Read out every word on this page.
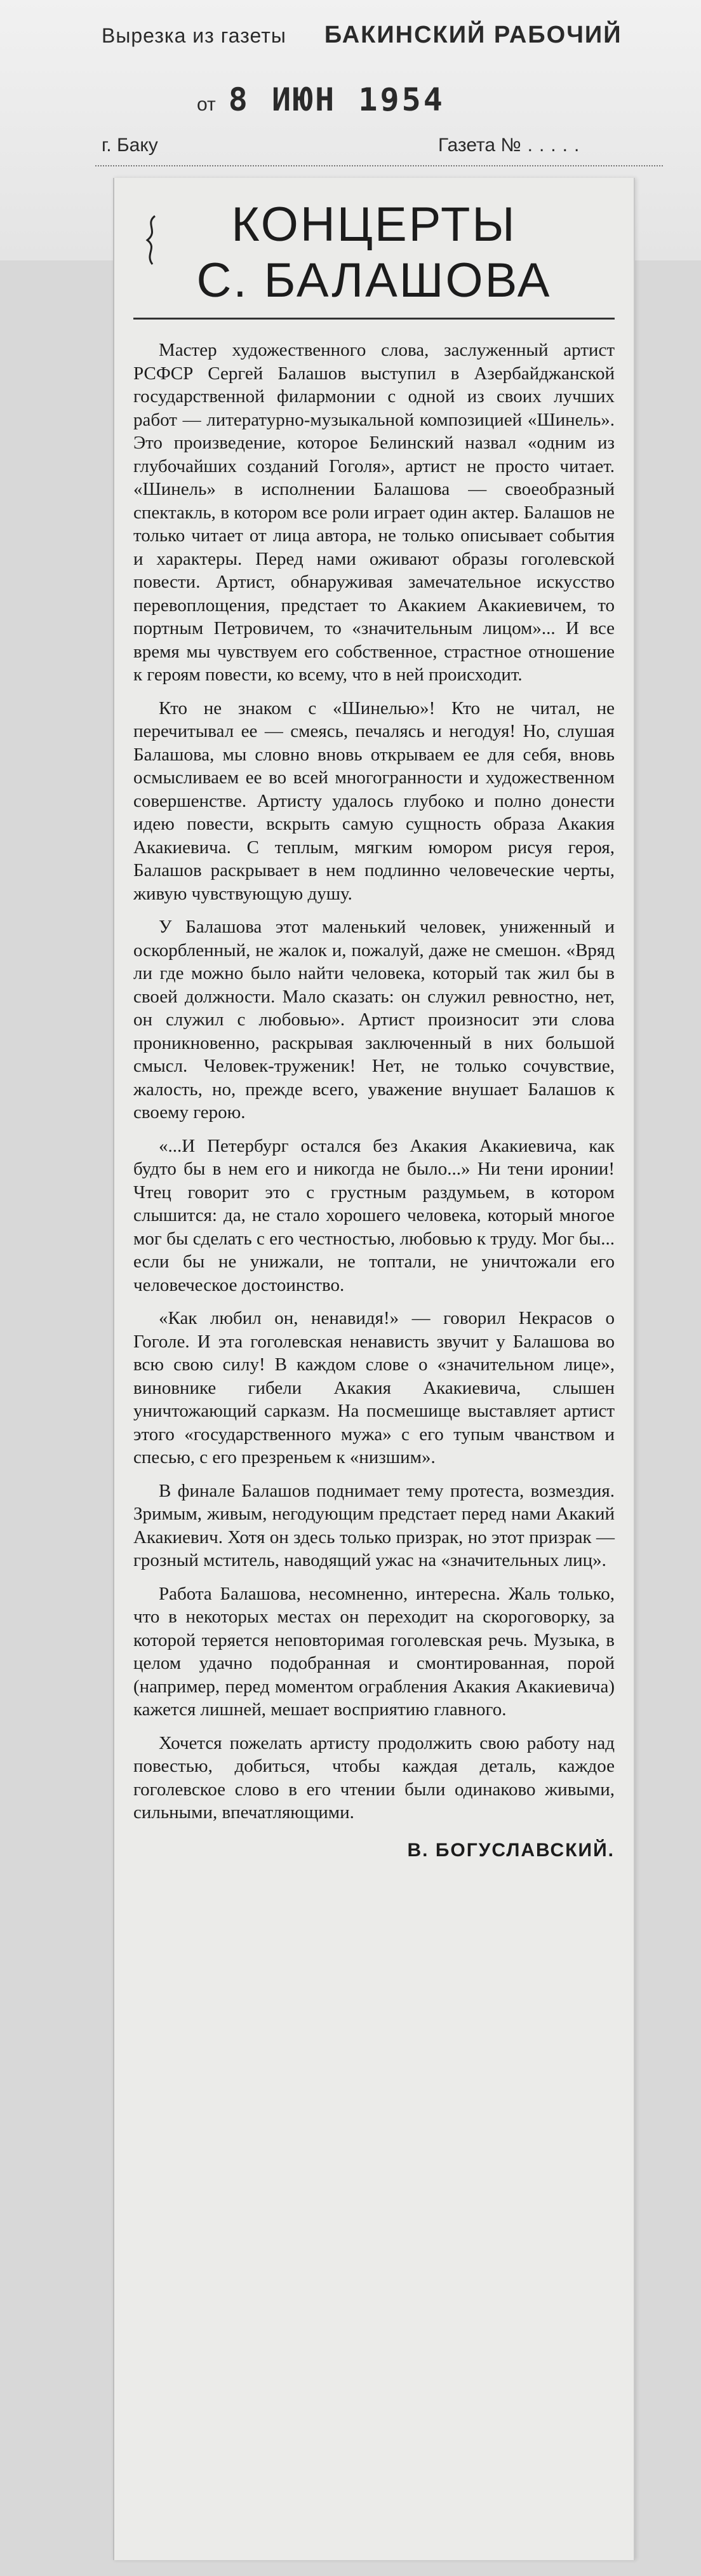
Вырезка из газеты БАКИНСКИЙ РАБОЧИЙ
от 8 ИЮН 1954
г. Баку	Газета № .....
КОНЦЕРТЫ
С. БАЛАШОВА

Мастер художественного слова, заслуженный артист РСФСР Сергей Балашов выступил в Азербайджанской государственной филармонии с одной из своих лучших работ — литературно-музыкальной композицией «Шинель». Это произведение, которое Белинский назвал «одним из глубочайших созданий Гоголя», артист не просто читает. «Шинель» в исполнении Балашова — своеобразный спектакль, в котором все роли играет один актер. Балашов не только читает от лица автора, не только описывает события и характеры. Перед нами оживают образы гоголевской повести. Артист, обнаруживая замечательное искусство перевоплощения, предстает то Акакием Акакиевичем, то портным Петровичем, то «значительным лицом»... И все время мы чувствуем его собственное, страстное отношение к героям повести, ко всему, что в ней происходит.

Кто не знаком с «Шинелью»! Кто не читал, не перечитывал ее — смеясь, печалясь и негодуя! Но, слушая Балашова, мы словно вновь открываем ее для себя, вновь осмысливаем ее во всей многогранности и художественном совершенстве. Артисту удалось глубоко и полно донести идею повести, вскрыть самую сущность образа Акакия Акакиевича. С теплым, мягким юмором рисуя героя, Балашов раскрывает в нем подлинно человеческие черты, живую чувствующую душу.

У Балашова этот маленький человек, униженный и оскорбленный, не жалок и, пожалуй, даже не смешон. «Вряд ли где можно было найти человека, который так жил бы в своей должности. Мало сказать: он служил ревностно, нет, он служил с любовью». Артист произносит эти слова проникновенно, раскрывая заключенный в них большой смысл. Человек-труженик! Нет, не только сочувствие, жалость, но, прежде всего, уважение внушает Балашов к своему герою.

«...И Петербург остался без Акакия Акакиевича, как будто бы в нем его и никогда не было...» Ни тени иронии! Чтец говорит это с грустным раздумьем, в котором слышится: да, не стало хорошего человека, который многое мог бы сделать с его честностью, любовью к труду. Мог бы... если бы не унижали, не топтали, не уничтожали его человеческое достоинство.

«Как любил он, ненавидя!» — говорил Некрасов о Гоголе. И эта гоголевская ненависть звучит у Балашова во всю свою силу! В каждом слове о «значительном лице», виновнике гибели Акакия Акакиевича, слышен уничтожающий сарказм. На посмешище выставляет артист этого «государственного мужа» с его тупым чванством и спесью, с его презреньем к «низшим».

В финале Балашов поднимает тему протеста, возмездия. Зримым, живым, негодующим предстает перед нами Акакий Акакиевич. Хотя он здесь только призрак, но этот призрак — грозный мститель, наводящий ужас на «значительных лиц».

Работа Балашова, несомненно, интересна. Жаль только, что в некоторых местах он переходит на скороговорку, за которой теряется неповторимая гоголевская речь. Музыка, в целом удачно подобранная и смонтированная, порой (например, перед моментом ограбления Акакия Акакиевича) кажется лишней, мешает восприятию главного.

Хочется пожелать артисту продолжить свою работу над повестью, добиться, чтобы каждая деталь, каждое гоголевское слово в его чтении были одинаково живыми, сильными, впечатляющими.

В. БОГУСЛАВСКИЙ.
